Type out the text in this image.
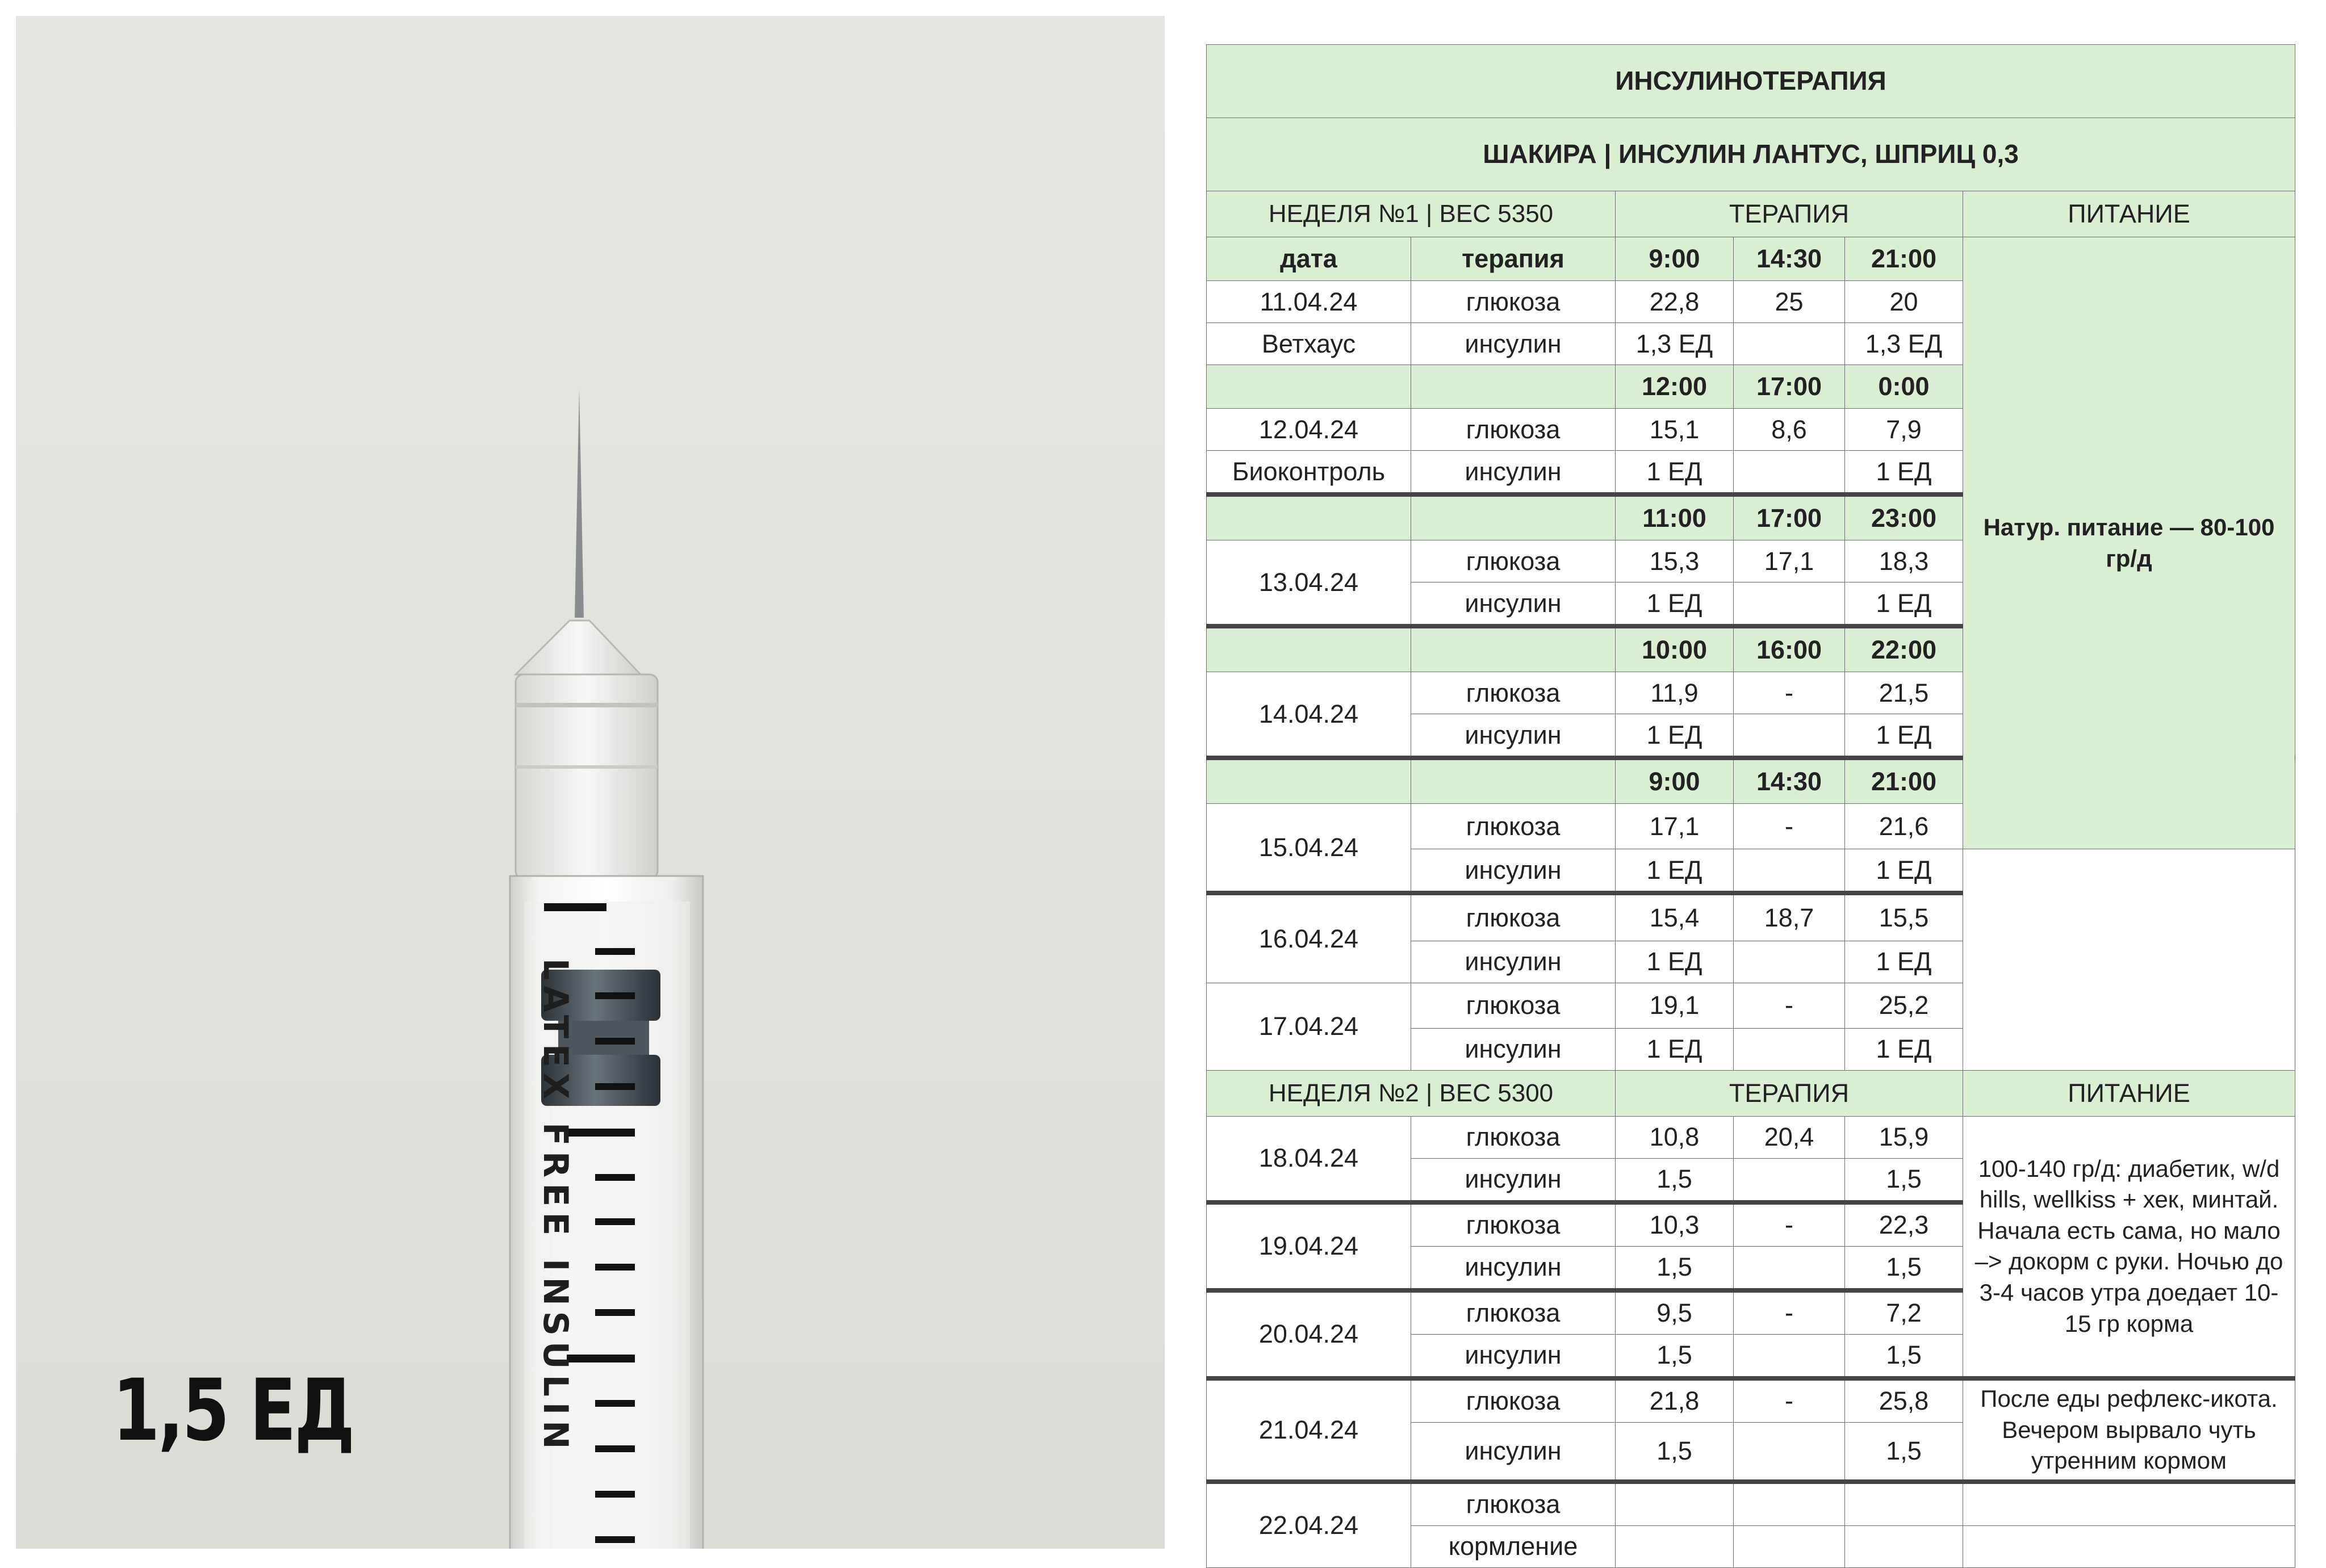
LATEX FREE INSULIN
1,5 ЕД
ИНСУЛИНОТЕРАПИЯ						
ШАКИРА | ИНСУЛИН ЛАНТУС, ШПРИЦ 0,3						
НЕДЕЛЯ №1 | ВЕС 5350		ТЕРАПИЯ			ПИТАНИЕ	
дата	терапия	9:00	14:30	21:00	Натур. питание — 80-100 гр/д	
11.04.24	глюкоза	22,8	25	20		
Ветхаус	инсулин	1,3 ЕД		1,3 ЕД		
		12:00	17:00	0:00		
12.04.24	глюкоза	15,1	8,6	7,9		
Биоконтроль	инсулин	1 ЕД		1 ЕД		
		11:00	17:00	23:00		
13.04.24	глюкоза	15,3	17,1	18,3		
	инсулин	1 ЕД		1 ЕД		
		10:00	16:00	22:00		
14.04.24	глюкоза	11,9	-	21,5		
	инсулин	1 ЕД		1 ЕД		
		9:00	14:30	21:00	
15.04.24	глюкоза	17,1	-	21,6		
	инсулин	1 ЕД		1 ЕД		
16.04.24	глюкоза	15,4	18,7	15,5		
	инсулин	1 ЕД		1 ЕД		
17.04.24	глюкоза	19,1	-	25,2		
	инсулин	1 ЕД		1 ЕД		
НЕДЕЛЯ №2 | ВЕС 5300		ТЕРАПИЯ			ПИТАНИЕ	
18.04.24	глюкоза	10,8	20,4	15,9	100-140 гр/д: диабетик, w/d hills, wellkiss + хек, минтай. Начала есть сама, но мало –> докорм с руки. Ночью до 3-4 часов утра доедает 10-15 гр корма	
	инсулин	1,5		1,5		
19.04.24	глюкоза	10,3	-	22,3		
	инсулин	1,5		1,5		
20.04.24	глюкоза	9,5	-	7,2		
	инсулин	1,5		1,5		
21.04.24	глюкоза	21,8	-	25,8	После еды рефлекс-икота. Вечером вырвало чуть утренним кормом	
	инсулин	1,5		1,5		
22.04.24	глюкоза					
	кормление					
